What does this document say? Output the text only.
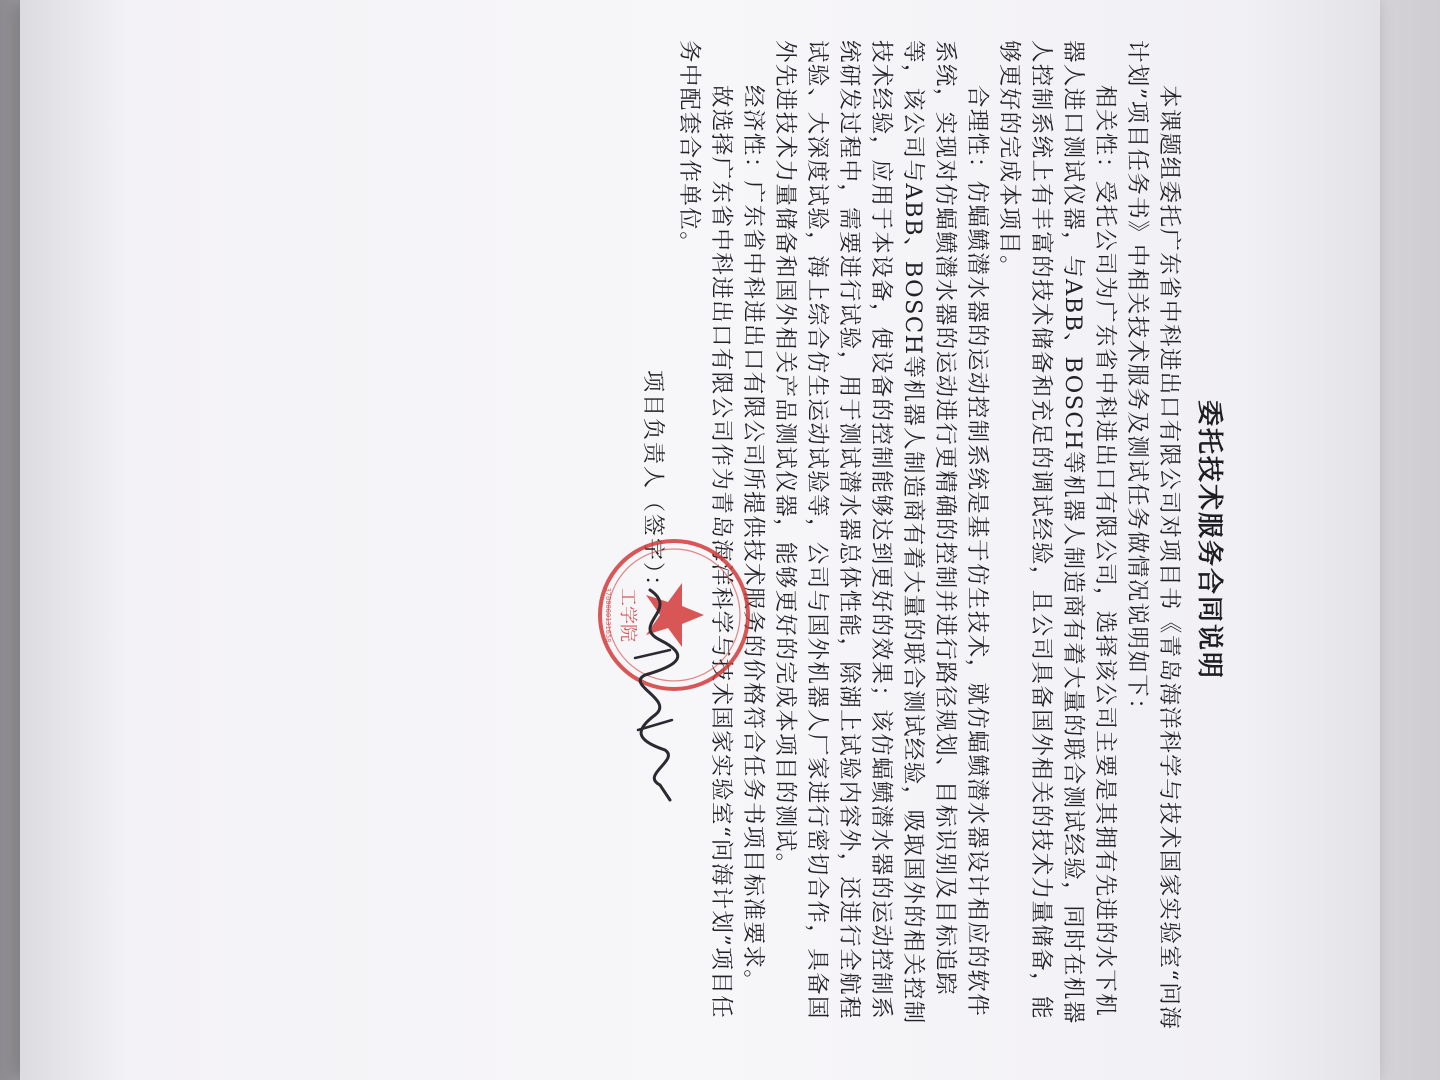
委托技术服务合同说明

本课题组委托广东省中科进出口有限公司对项目书《青岛海洋科学与技术国家实验室“问海计划”项目任务书》中相关技术服务及测试任务做情况说明如下：

相关性：受托公司为广东省中科进出口有限公司，选择该公司主要是其拥有先进的水下机器人进口测试仪器，与ABB、BOSCH等机器人制造商有着大量的联合测试经验，同时在机器人控制系统上有丰富的技术储备和充足的调试经验，且公司具备国外相关的技术力量储备，能够更好的完成本项目。

合理性：仿蝠鲼潜水器的运动控制系统是基于仿生技术，就仿蝠鲼潜水器设计相应的软件系统，实现对仿蝠鲼潜水器的运动进行更精确的控制并进行路径规划、目标识别及目标追踪等，该公司与ABB、BOSCH等机器人制造商有着大量的联合测试经验，吸取国外的相关控制技术经验，应用于本设备，使设备的控制能够达到更好的效果；该仿蝠鲼潜水器的运动控制系统研发过程中，需要进行试验，用于测试潜水器总体性能，除湖上试验内容外，还进行全航程试验、大深度试验，海上综合仿生运动试验等，公司与国外机器人厂家进行密切合作，具备国外先进技术力量储备和国外相关产品测试仪器，能够更好的完成本项目的测试。

经济性：广东省中科进出口有限公司所提供技术服务的价格符合任务书项目标准要求。

故选择广东省中科进出口有限公司作为青岛海洋科学与技术国家实验室“问海计划”项目任务中配套合作单位。

项目负责人（签字）：
工学院
3700000131658
